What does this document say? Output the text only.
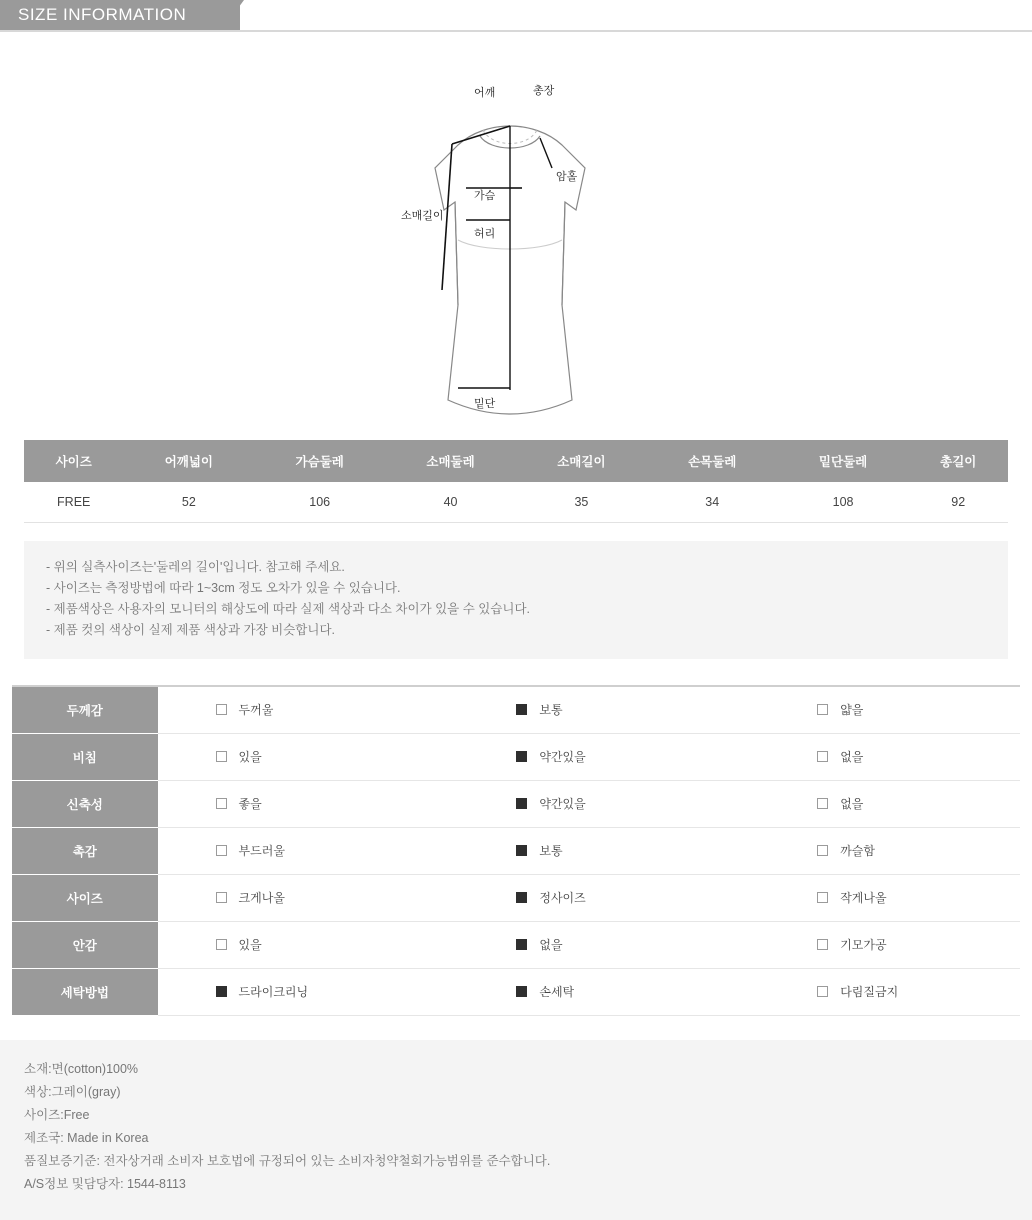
SIZE INFORMATION
어깨	총장
암홀
가슴
소매길이
허리
밑단
사이즈	어깨넓이	가슴둘레	소매둘레	소매길이	손목둘레	밑단둘레	총길이
FREE	52	106	40	35	34	108	92
- 위의 실측사이즈는'둘레의 길이'입니다. 참고해 주세요.
- 사이즈는 측정방법에 따라 1~3cm 정도 오차가 있을 수 있습니다.
- 제품색상은 사용자의 모니터의 해상도에 따라 실제 색상과 다소 차이가 있을 수 있습니다.
- 제품 컷의 색상이 실제 제품 색상과 가장 비슷합니다.
두께감	두꺼울	보통	얇을

비침	있을	약간있을	없을

신축성	좋을	약간있을	없을

촉감	부드러울	보통	까슬함

사이즈	크게나올	정사이즈	작게나올

안감	있을	없을	기모가공

세탁방법	드라이크리닝	손세탁	다림질금지
소재:면(cotton)100%
색상:그레이(gray)
사이즈:Free
제조국: Made in Korea
품질보증기준: 전자상거래 소비자 보호법에 규정되어 있는 소비자청약철회가능범위를 준수합니다.
A/S정보 및담당자: 1544-8113
